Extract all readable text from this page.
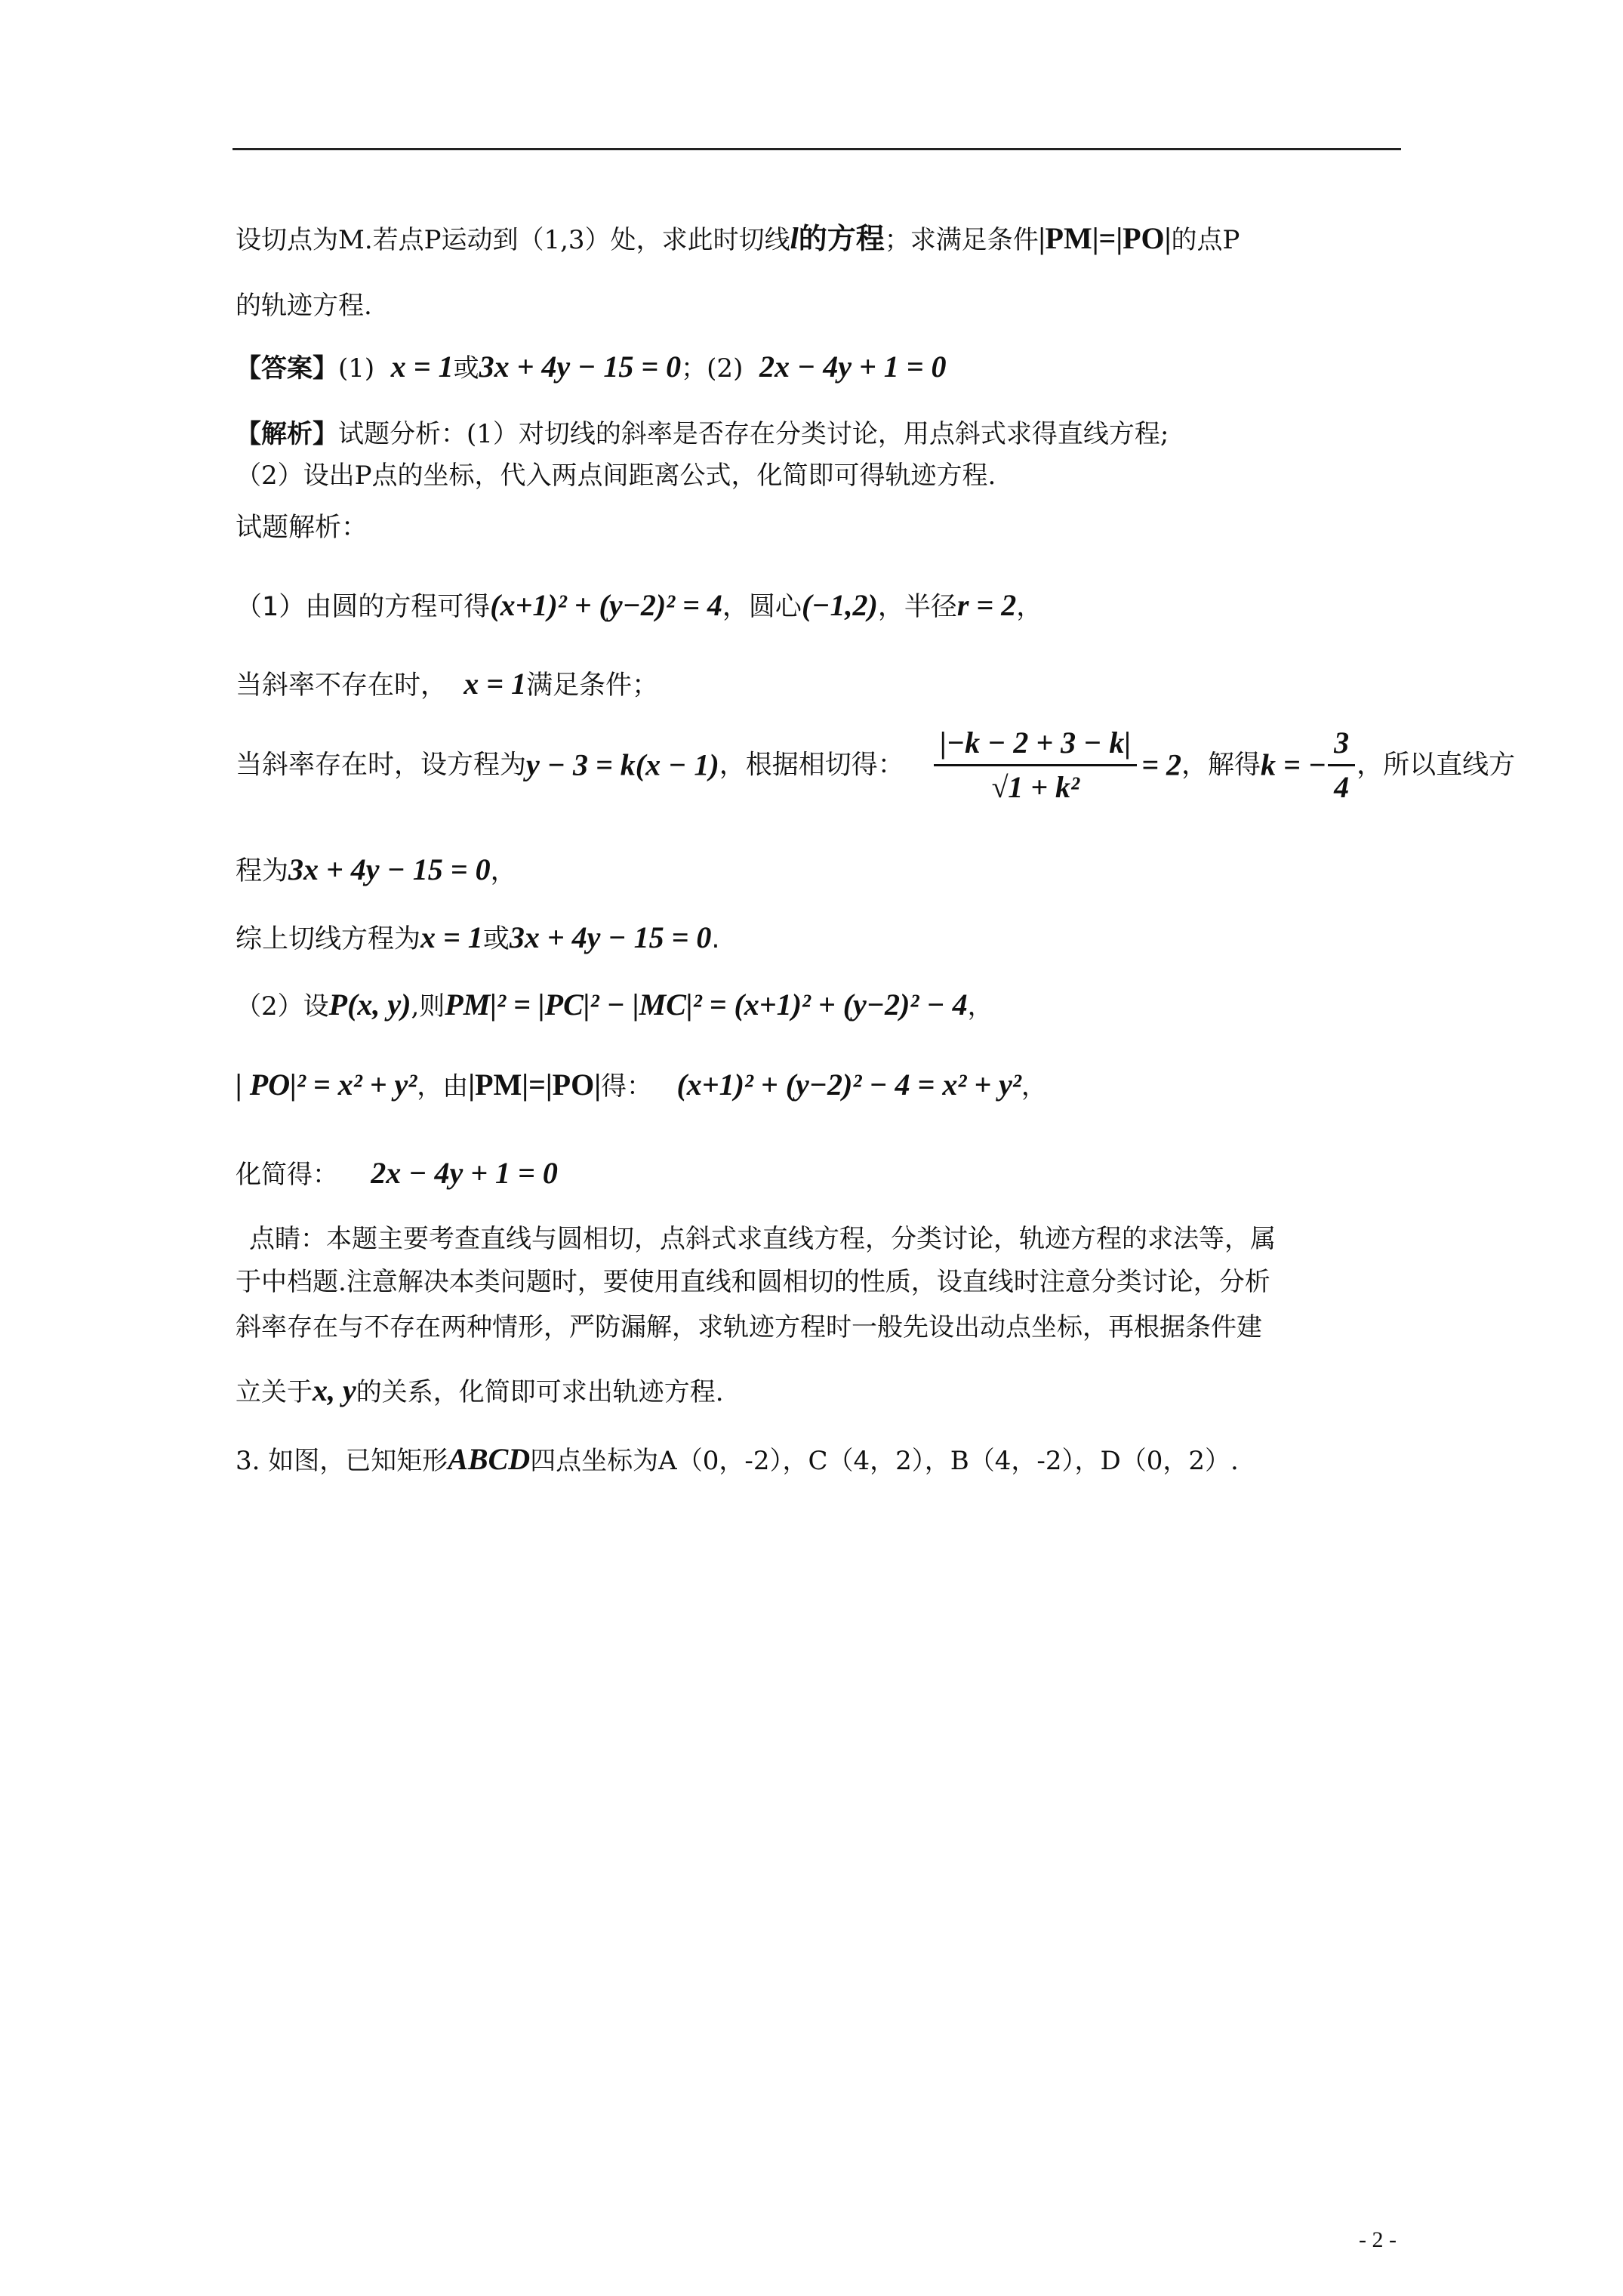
设切点为M.若点P运动到（1,3）处，求此时切线l的方程；求满足条件|PM|=|PO|的点P
的轨迹方程.
【答案】(1) x = 1或3x + 4y − 15 = 0；(2) 2x − 4y + 1 = 0
【解析】试题分析：(1）对切线的斜率是否存在分类讨论，用点斜式求得直线方程;
（2）设出P点的坐标，代入两点间距离公式，化简即可得轨迹方程.
试题解析：
（1）由圆的方程可得(x+1)² + (y−2)² = 4，圆心(−1,2)，半径r = 2，
当斜率不存在时， x = 1满足条件；
当斜率存在时，设方程为y − 3 = k(x − 1)，根据相切得： $\frac{|-k - 2 + 3 - k|}{\text{√1 + k²}} = 2$，解得k = − $\frac{3}{4}$ ，所以直线方
程为3x + 4y − 15 = 0，
综上切线方程为x = 1或3x + 4y − 15 = 0.
（2）设P(x, y),则PM|² = |PC|² − |MC|² = (x+1)² + (y−2)² − 4，
| PO|² = x² + y²，由|PM|=|PO|得： (x+1)² + (y−2)² − 4 = x² + y²，
化简得： 2x − 4y + 1 = 0
点睛：本题主要考查直线与圆相切，点斜式求直线方程，分类讨论，轨迹方程的求法等，属
于中档题.注意解决本类问题时，要使用直线和圆相切的性质，设直线时注意分类讨论，分析
斜率存在与不存在两种情形，严防漏解，求轨迹方程时一般先设出动点坐标，再根据条件建
立关于x, y的关系，化简即可求出轨迹方程.
3. 如图，已知矩形ABCD四点坐标为A（0，-2），C（4，2），B（4，-2），D（0，2）.
- 2 -
